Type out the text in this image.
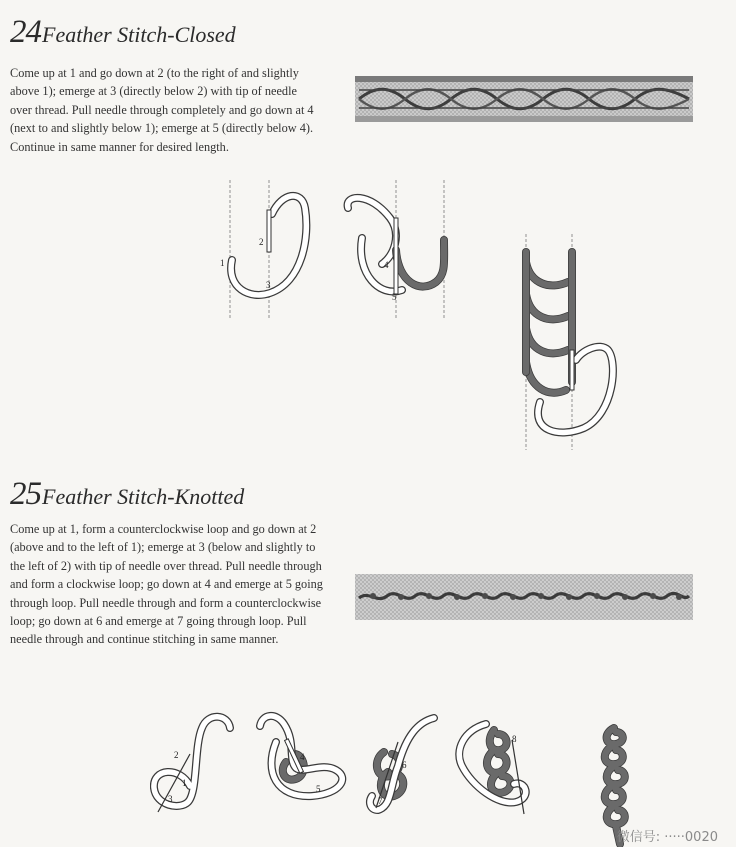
24Feather Stitch-Closed

Come up at 1 and go down at 2 (to the right of and slightly above 1); emerge at 3 (directly below 2) with tip of needle over thread. Pull needle through completely and go down at 4 (next to and slightly below 1); emerge at 5 (directly below 4). Continue in same manner for desired length.

1
2
3
4
5
25Feather Stitch-Knotted

Come up at 1, form a counterclockwise loop and go down at 2 (above and to the left of 1); emerge at 3 (below and slightly to the left of 2) with tip of needle over thread. Pull needle through and form a clockwise loop; go down at 4 and emerge at 5 going through loop. Pull needle through and form a counterclockwise loop; go down at 6 and emerge at 7 going through loop. Pull needle through and continue stitching in same manner.

2
1
3
4
5
6
7
8
微信号: ·····0020
